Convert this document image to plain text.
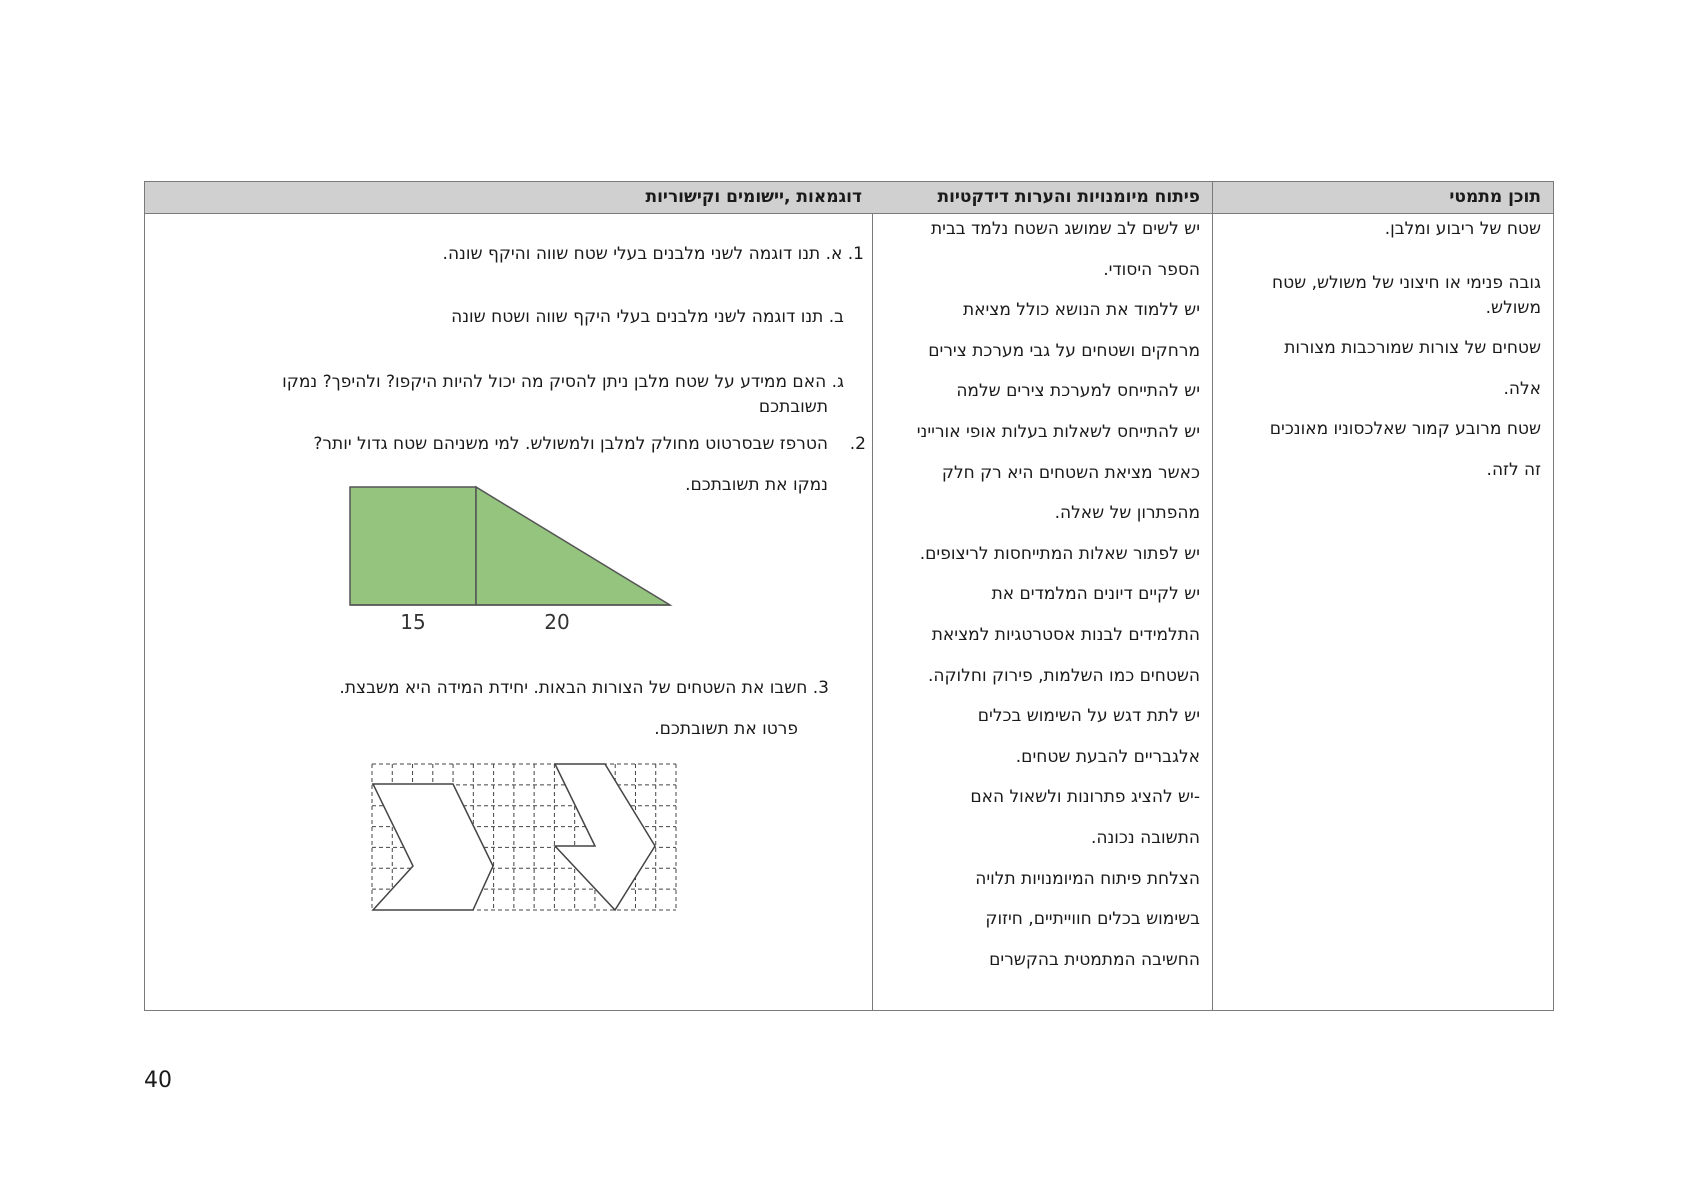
תוכן מתמטי
שטח של ריבוע ומלבן.
גובה פנימי או חיצוני של משולש, שטח
משולש.
שטחים של צורות שמורכבות מצורות
אלה.
שטח מרובע קמור שאלכסוניו מאונכים
זה לזה.
פיתוח מיומנויות והערות דידקטיות
יש לשים לב שמושג השטח נלמד בבית
הספר היסודי.
יש ללמוד את הנושא כולל מציאת
מרחקים ושטחים על גבי מערכת צירים
יש להתייחס למערכת צירים שלמה
יש להתייחס לשאלות בעלות אופי אורייני
כאשר מציאת השטחים היא רק חלק
מהפתרון של שאלה.
יש לפתור שאלות המתייחסות לריצופים.
יש לקיים דיונים המלמדים את
התלמידים לבנות אסטרטגיות למציאת
השטחים כמו השלמות, פירוק וחלוקה.
יש לתת דגש על השימוש בכלים
אלגבריים להבעת שטחים.
-יש להציג פתרונות ולשאול האם
התשובה נכונה.
הצלחת פיתוח המיומנויות תלויה
בשימוש בכלים חווייתיים, חיזוק
החשיבה המתמטית בהקשרים
דוגמאות ,יישומים וקישוריות
1. א. תנו דוגמה לשני מלבנים בעלי שטח שווה והיקף שונה.
ב. תנו דוגמה לשני מלבנים בעלי היקף שווה ושטח שונה
ג. האם ממידע על שטח מלבן ניתן להסיק מה יכול להיות היקפו? ולהיפך? נמקו
תשובתכם
2.
הטרפז שבסרטוט מחולק למלבן ולמשולש. למי משניהם שטח גדול יותר?
נמקו את תשובתכם.
15	20
3. חשבו את השטחים של הצורות הבאות. יחידת המידה היא משבצת.
פרטו את תשובתכם.
40
